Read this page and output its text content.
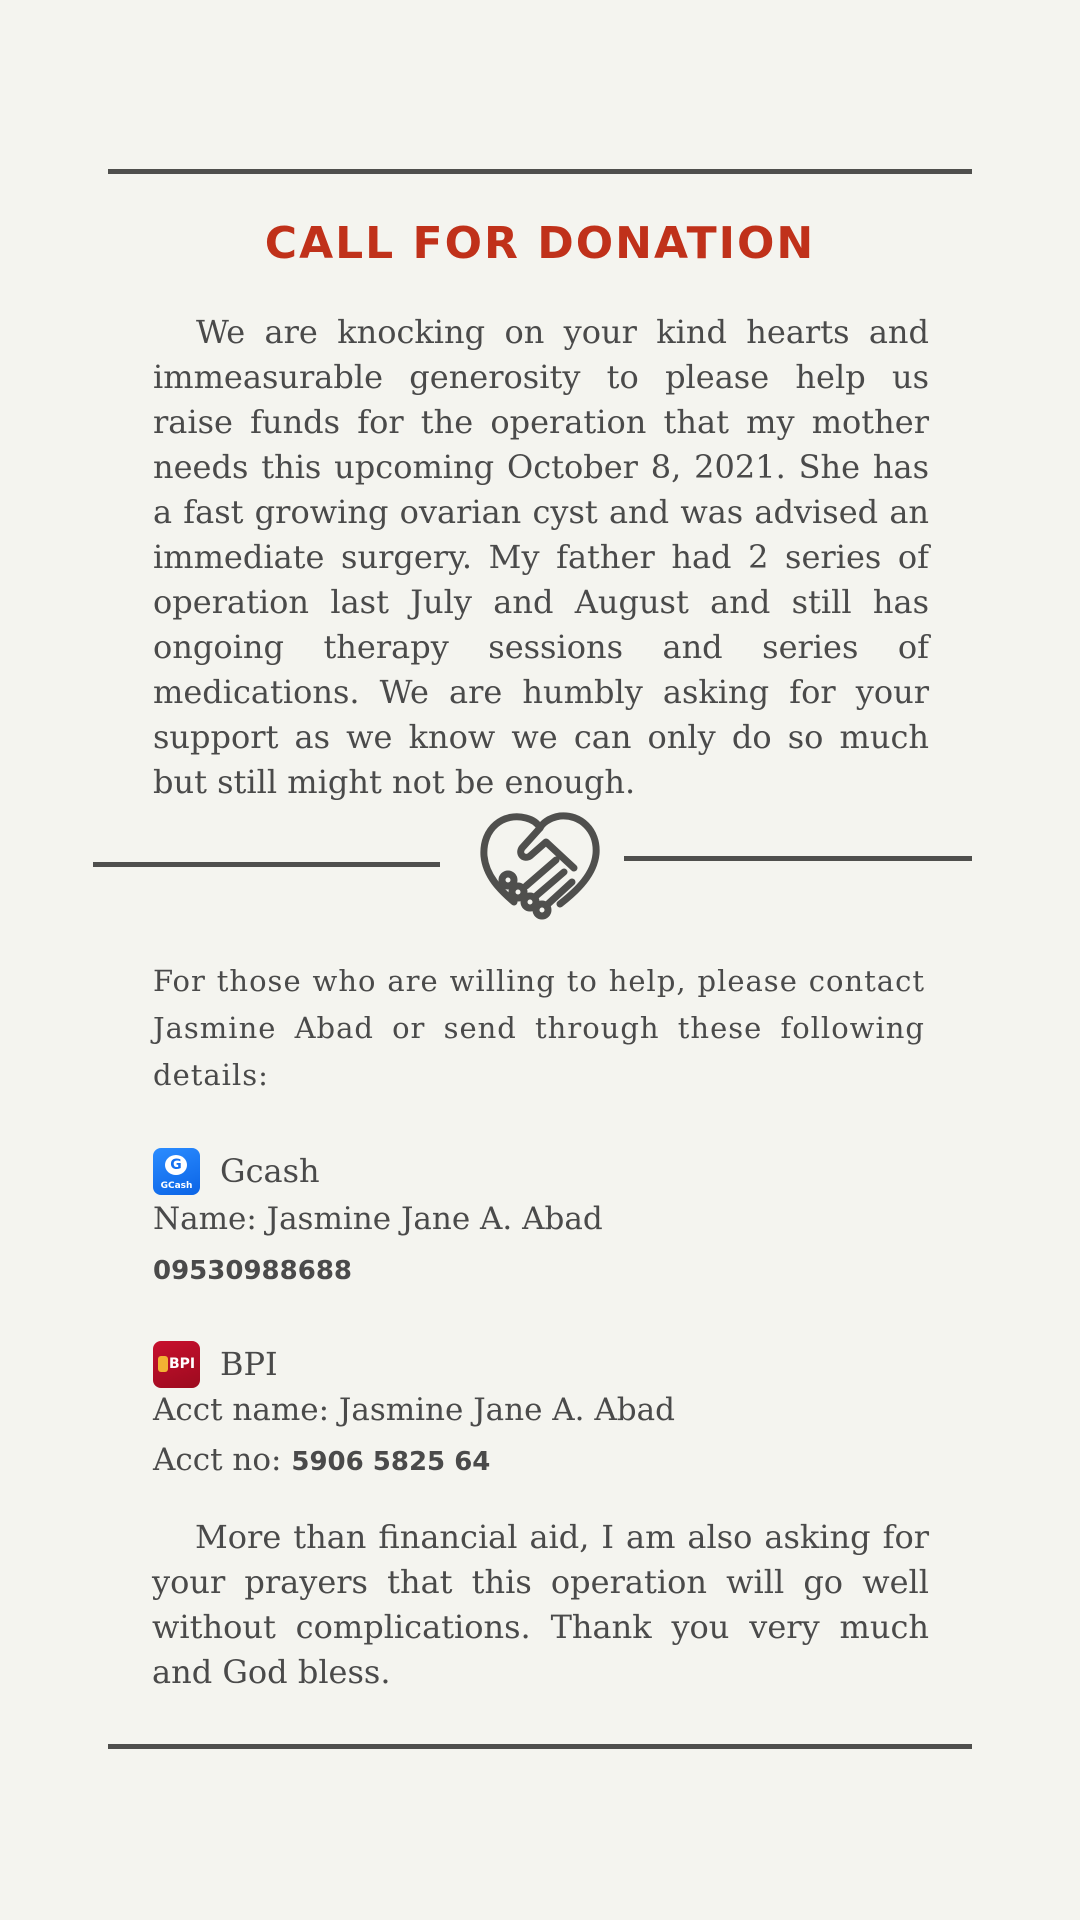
CALL FOR DONATION

We are knocking on your kind hearts and immeasurable generosity to please help us raise funds for the operation that my mother needs this upcoming October 8, 2021. She has a fast growing ovarian cyst and was advised an immediate surgery. My father had 2 series of operation last July and August and still has ongoing therapy sessions and series of medications. We are humbly asking for your support as we know we can only do so much but still might not be enough.

For those who are willing to help, please contact Jasmine Abad or send through these following details:

G
GCash Gcash

Name: Jasmine Jane A. Abad

09530988688

BPI BPI

Acct name: Jasmine Jane A. Abad

Acct no: 5906 5825 64

More than financial aid, I am also asking for your prayers that this operation will go well without complications. Thank you very much and God bless.
